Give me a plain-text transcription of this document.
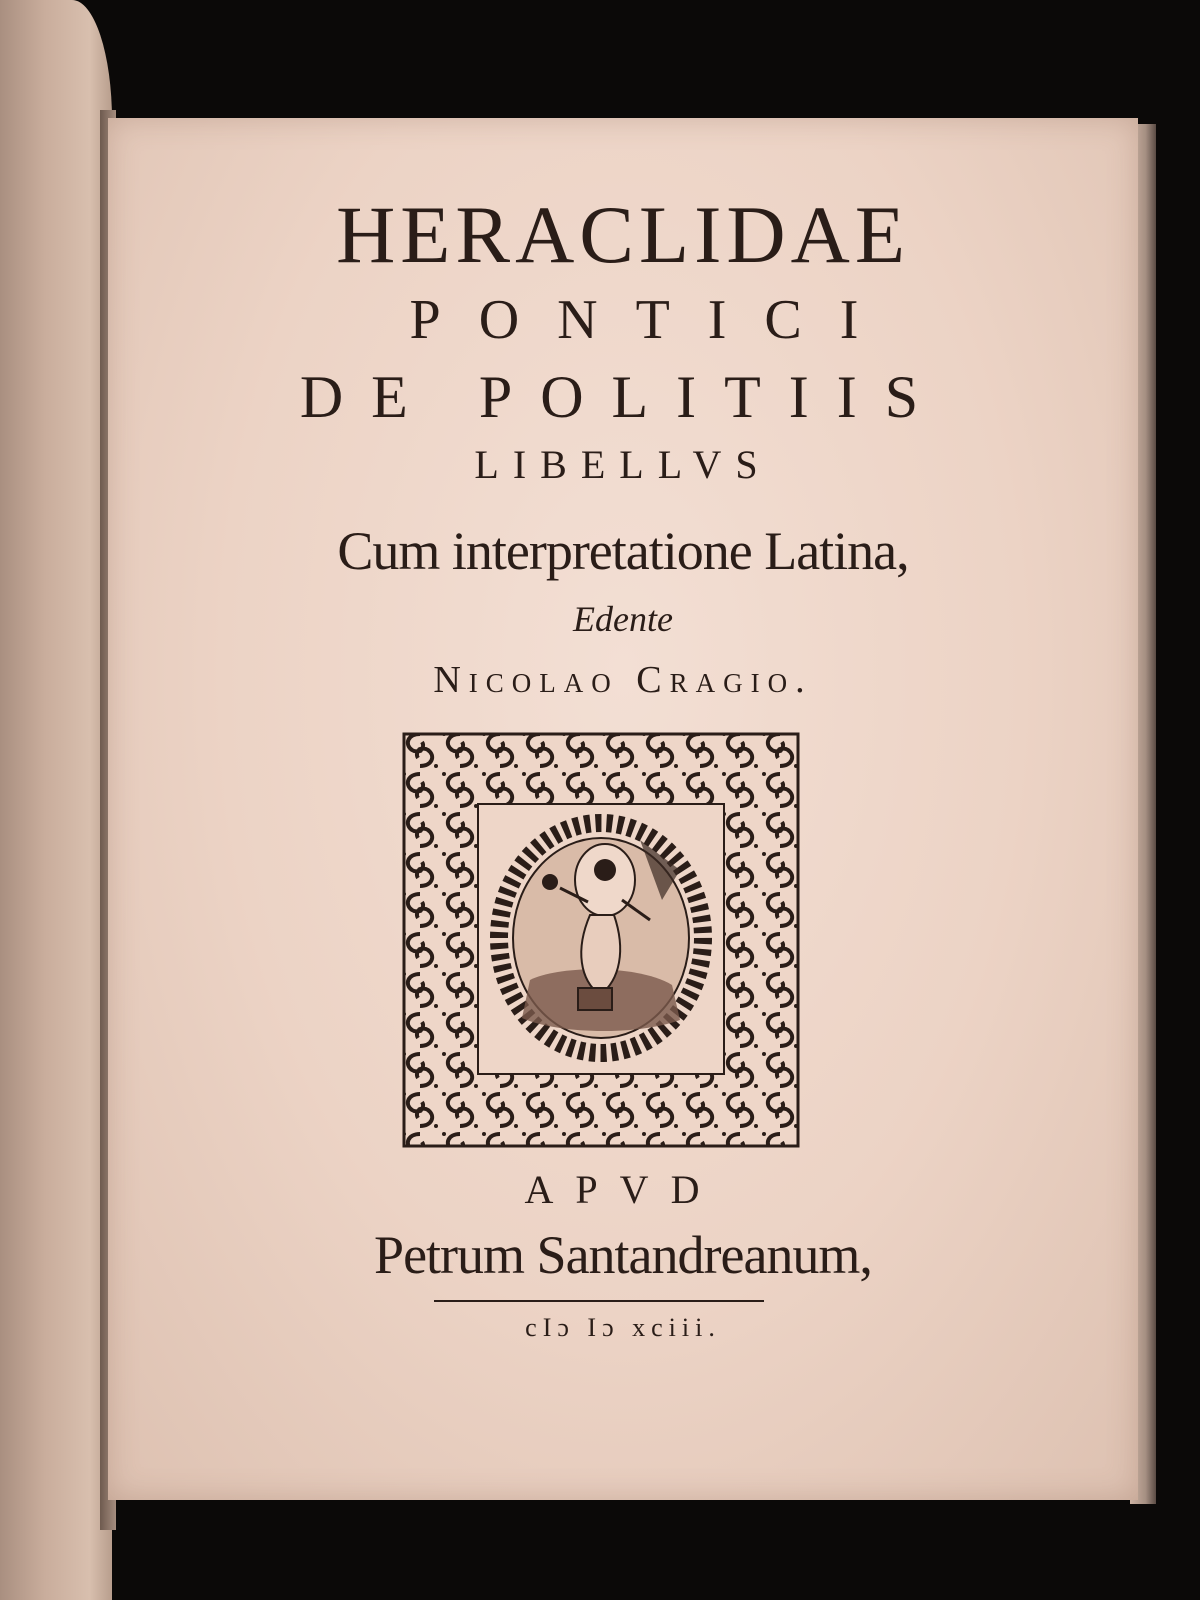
HERACLIDAE

PONTICI

DE POLITIIS

LIBELLVS

Cum interpretatione Latina,

Edente

Nicolao Cragio.

APVD

Petrum Santandreanum,

cIɔ Iɔ xciii.
